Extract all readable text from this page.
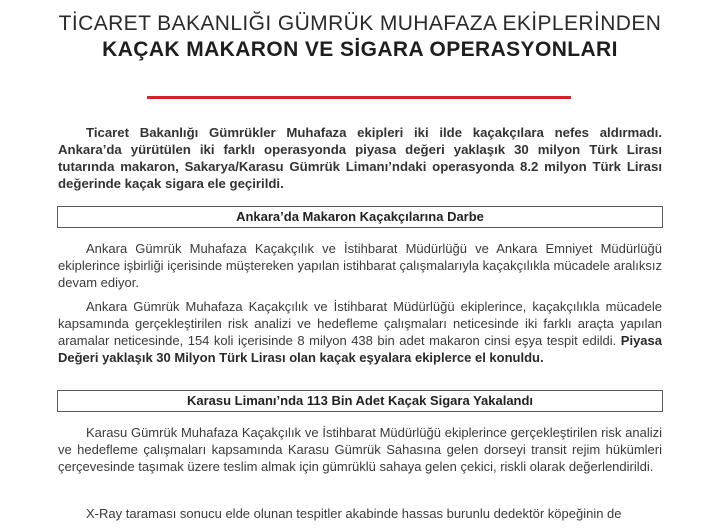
TİCARET BAKANLIĞI GÜMRÜK MUHAFAZA EKİPLERİNDEN
KAÇAK MAKARON VE SİGARA OPERASYONLARI
Ticaret Bakanlığı Gümrükler Muhafaza ekipleri iki ilde kaçakçılara nefes aldırmadı. Ankara’da yürütülen iki farklı operasyonda piyasa değeri yaklaşık 30 milyon Türk Lirası tutarında makaron, Sakarya/Karasu Gümrük Limanı’ndaki operasyonda 8.2 milyon Türk Lirası değerinde kaçak sigara ele geçirildi.
Ankara’da Makaron Kaçakçılarına Darbe
Ankara Gümrük Muhafaza Kaçakçılık ve İstihbarat Müdürlüğü ve Ankara Emniyet Müdürlüğü ekiplerince işbirliği içerisinde müştereken yapılan istihbarat çalışmalarıyla kaçakçılıkla mücadele aralıksız devam ediyor.
Ankara Gümrük Muhafaza Kaçakçılık ve İstihbarat Müdürlüğü ekiplerince, kaçakçılıkla mücadele kapsamında gerçekleştirilen risk analizi ve hedefleme çalışmaları neticesinde iki farklı araçta yapılan aramalar neticesinde, 154 koli içerisinde 8 milyon 438 bin adet makaron cinsi eşya tespit edildi. Piyasa Değeri yaklaşık 30 Milyon Türk Lirası olan kaçak eşyalara ekiplerce el konuldu.
Karasu Limanı’nda 113 Bin Adet Kaçak Sigara Yakalandı
Karasu Gümrük Muhafaza Kaçakçılık ve İstihbarat Müdürlüğü ekiplerince gerçekleştirilen risk analizi ve hedefleme çalışmaları kapsamında Karasu Gümrük Sahasına gelen dorseyi transit rejim hükümleri çerçevesinde taşımak üzere teslim almak için gümrüklü sahaya gelen çekici, riskli olarak değerlendirildi.
X-Ray taraması sonucu elde olunan tespitler akabinde hassas burunlu dedektör köpeğinin de
